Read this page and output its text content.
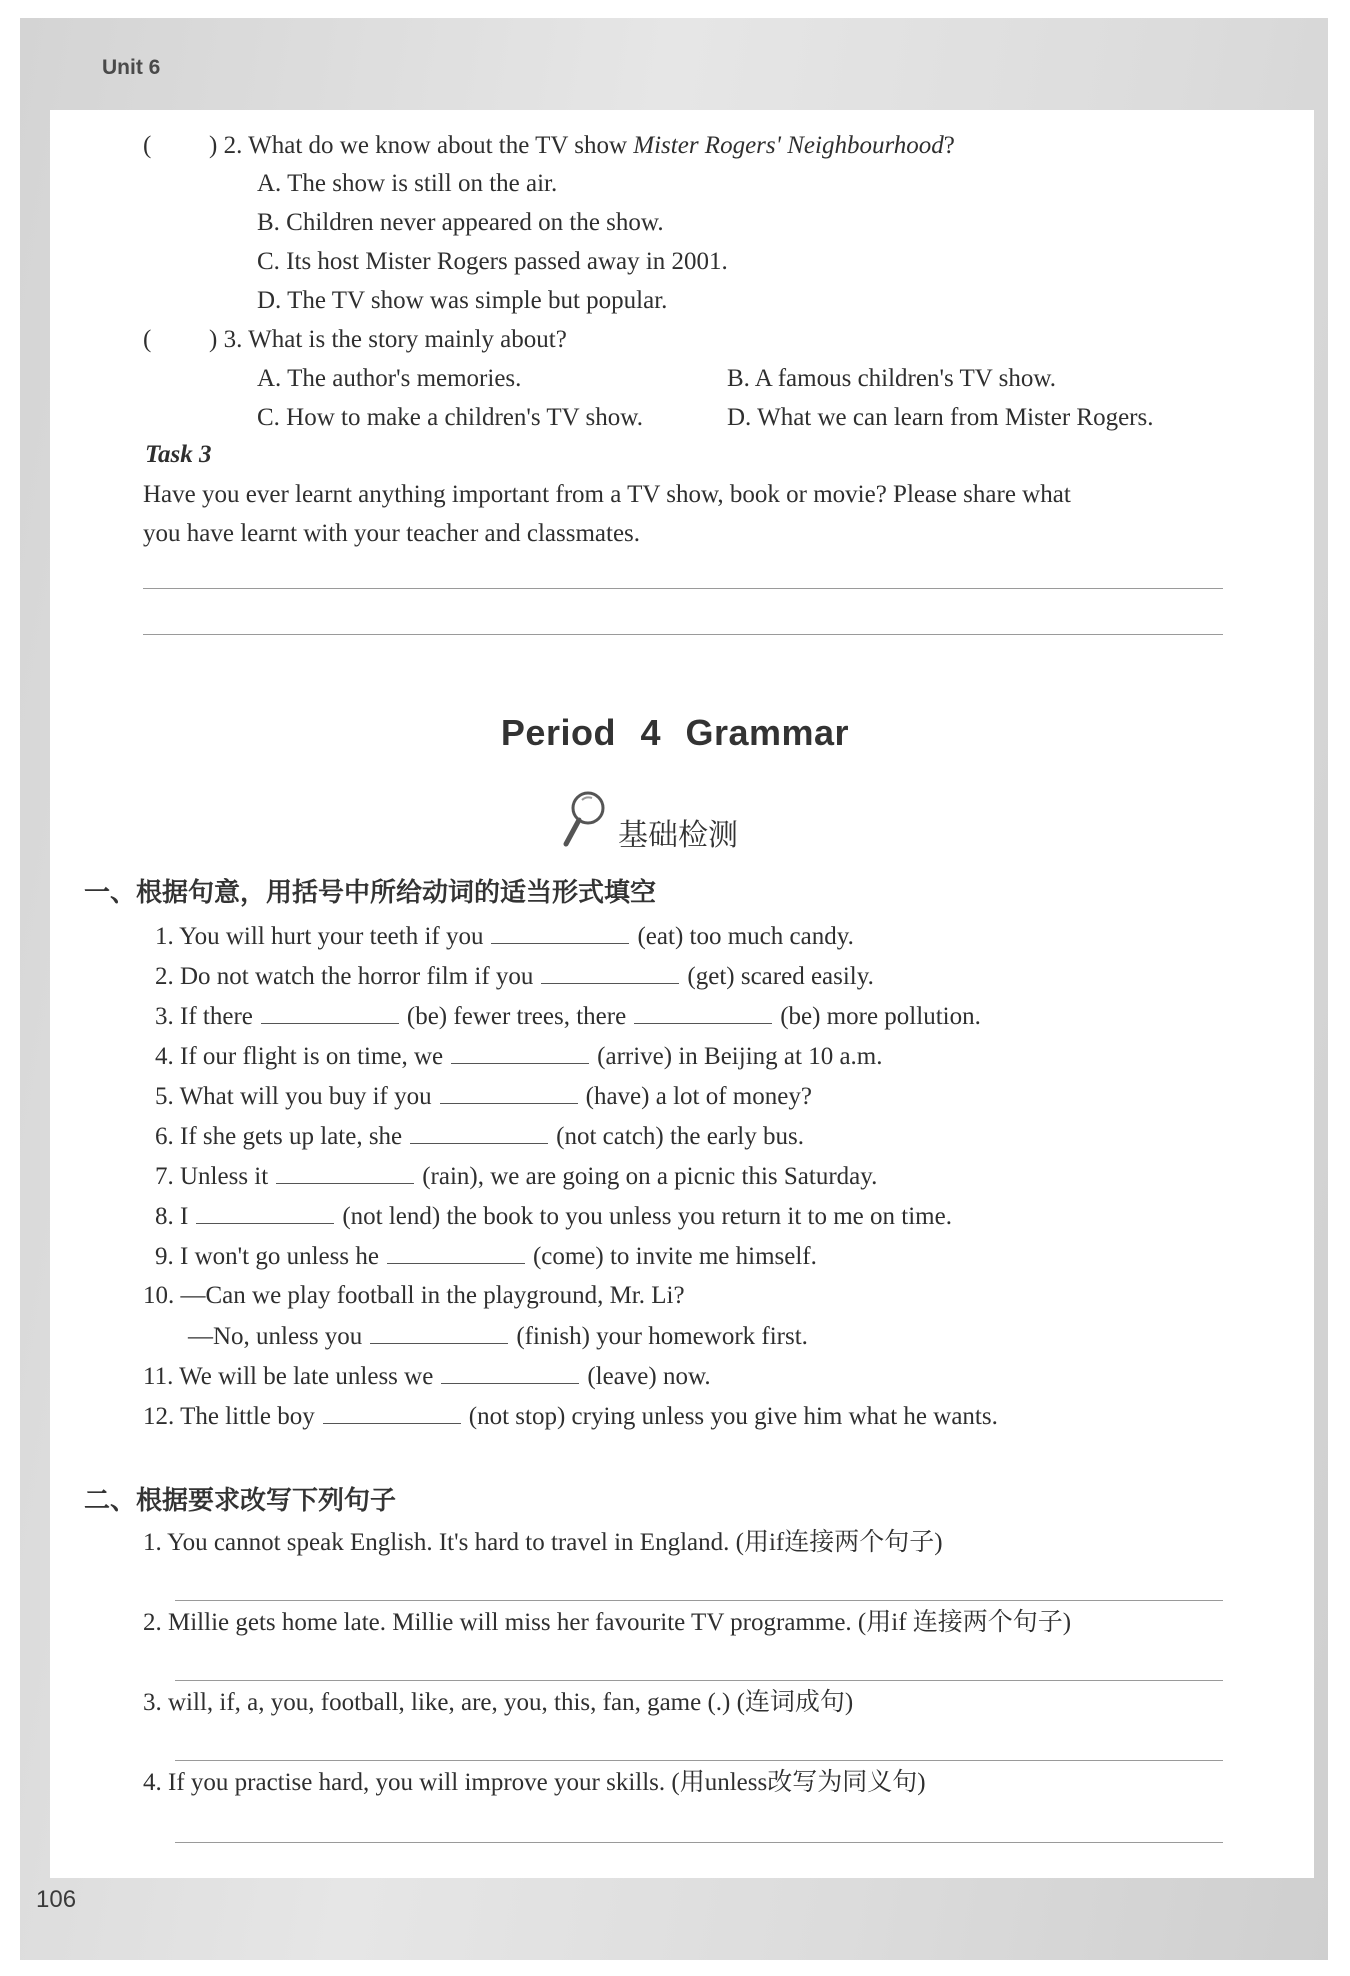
Unit 6
( ) 2. What do we know about the TV show Mister Rogers' Neighbourhood?
A. The show is still on the air.
B. Children never appeared on the show.
C. Its host Mister Rogers passed away in 2001.
D. The TV show was simple but popular.
( ) 3. What is the story mainly about?
A. The author's memories.	B. A famous children's TV show.
C. How to make a children's TV show.	D. What we can learn from Mister Rogers.
Task 3
Have you ever learnt anything important from a TV show, book or movie? Please share what
you have learnt with your teacher and classmates.
Period 4 Grammar
基础检测
一、根据句意，用括号中所给动词的适当形式填空
1. You will hurt your teeth if you	(eat) too much candy.
2. Do not watch the horror film if you	(get) scared easily.
3. If there	(be) fewer trees, there	(be) more pollution.
4. If our flight is on time, we	(arrive) in Beijing at 10 a.m.
5. What will you buy if you	(have) a lot of money?
6. If she gets up late, she	(not catch) the early bus.
7. Unless it	(rain), we are going on a picnic this Saturday.
8. I	(not lend) the book to you unless you return it to me on time.
9. I won't go unless he	(come) to invite me himself.
10. —Can we play football in the playground, Mr. Li?
—No, unless you	(finish) your homework first.
11. We will be late unless we	(leave) now.
12. The little boy	(not stop) crying unless you give him what he wants.
二、根据要求改写下列句子
1. You cannot speak English. It's hard to travel in England. (用if连接两个句子)
2. Millie gets home late. Millie will miss her favourite TV programme. (用if 连接两个句子)
3. will, if, a, you, football, like, are, you, this, fan, game (.) (连词成句)
4. If you practise hard, you will improve your skills. (用unless改写为同义句)
106
